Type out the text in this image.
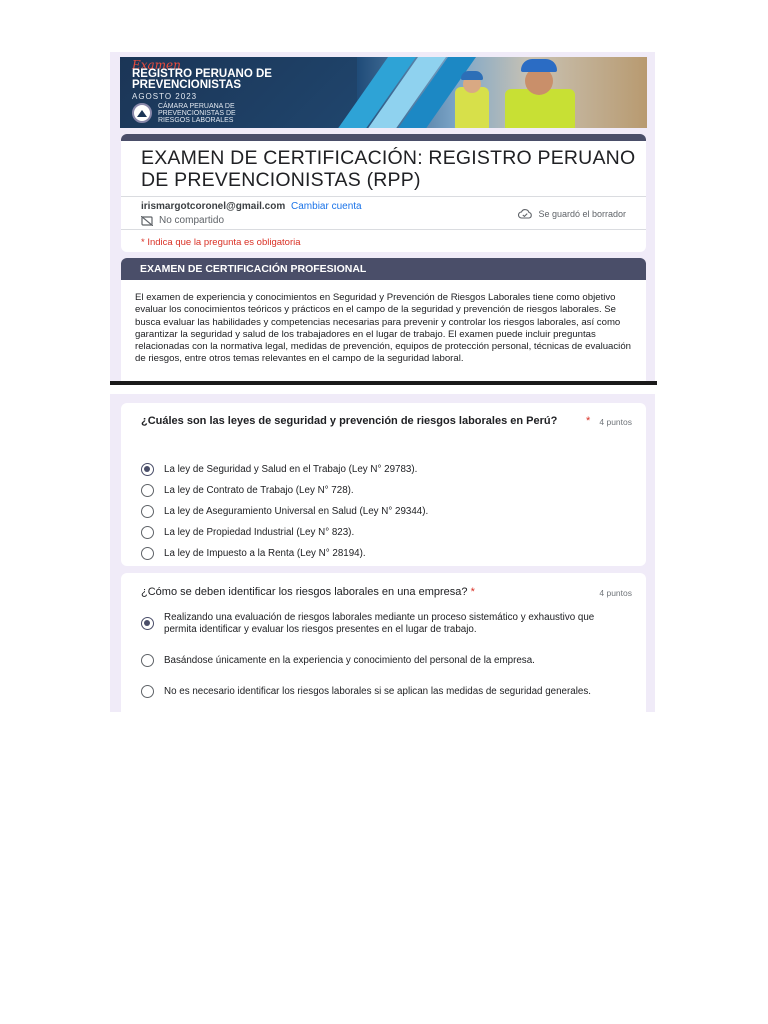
Examen
REGISTRO PERUANO DE
PREVENCIONISTAS
AGOSTO 2023
CÁMARA PERUANA DE
PREVENCIONISTAS DE
RIESGOS LABORALES
EXAMEN DE CERTIFICACIÓN: REGISTRO PERUANO DE PREVENCIONISTAS (RPP)
irismargotcoronel@gmail.com Cambiar cuenta
No compartido
Se guardó el borrador
* Indica que la pregunta es obligatoria
EXAMEN DE CERTIFICACIÓN PROFESIONAL
El examen de experiencia y conocimientos en Seguridad y Prevención de Riesgos Laborales tiene como objetivo evaluar los conocimientos teóricos y prácticos en el campo de la seguridad y prevención de riesgos laborales. Se busca evaluar las habilidades y competencias necesarias para prevenir y controlar los riesgos laborales, así como garantizar la seguridad y salud de los trabajadores en el lugar de trabajo. El examen puede incluir preguntas relacionadas con la normativa legal, medidas de prevención, equipos de protección personal, técnicas de evaluación de riesgos, entre otros temas relevantes en el campo de la seguridad laboral.
¿Cuáles son las leyes de seguridad y prevención de riesgos laborales en Perú?	* 4 puntos
La ley de Seguridad y Salud en el Trabajo (Ley N° 29783).
La ley de Contrato de Trabajo (Ley N° 728).
La ley de Aseguramiento Universal en Salud (Ley N° 29344).
La ley de Propiedad Industrial (Ley N° 823).
La ley de Impuesto a la Renta (Ley N° 28194).
¿Cómo se deben identificar los riesgos laborales en una empresa? *	4 puntos
Realizando una evaluación de riesgos laborales mediante un proceso sistemático y exhaustivo que permita identificar y evaluar los riesgos presentes en el lugar de trabajo.
Basándose únicamente en la experiencia y conocimiento del personal de la empresa.
No es necesario identificar los riesgos laborales si se aplican las medidas de seguridad generales.
